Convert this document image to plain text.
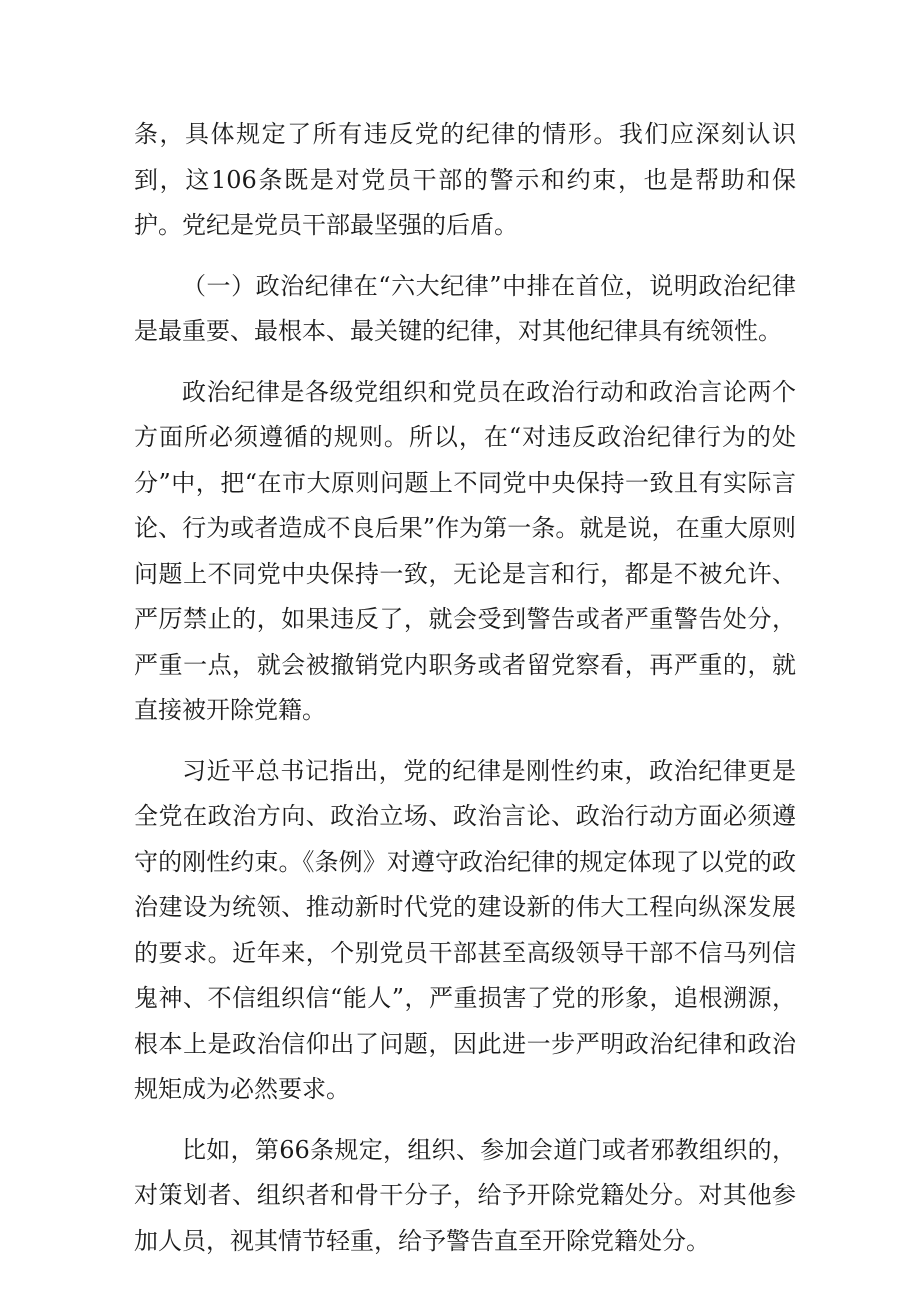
条，具体规定了所有违反党的纪律的情形。我们应深刻认识到，这106条既是对党员干部的警示和约束，也是帮助和保护。党纪是党员干部最坚强的后盾。

（一）政治纪律在“六大纪律”中排在首位，说明政治纪律是最重要、最根本、最关键的纪律，对其他纪律具有统领性。

政治纪律是各级党组织和党员在政治行动和政治言论两个方面所必须遵循的规则。所以，在“对违反政治纪律行为的处分”中，把“在市大原则问题上不同党中央保持一致且有实际言论、行为或者造成不良后果”作为第一条。就是说，在重大原则问题上不同党中央保持一致，无论是言和行，都是不被允许、严厉禁止的，如果违反了，就会受到警告或者严重警告处分，严重一点，就会被撤销党内职务或者留党察看，再严重的，就直接被开除党籍。

习近平总书记指出，党的纪律是刚性约束，政治纪律更是全党在政治方向、政治立场、政治言论、政治行动方面必须遵守的刚性约束。《条例》对遵守政治纪律的规定体现了以党的政治建设为统领、推动新时代党的建设新的伟大工程向纵深发展的要求。近年来，个别党员干部甚至高级领导干部不信马列信鬼神、不信组织信“能人”，严重损害了党的形象，追根溯源，根本上是政治信仰出了问题，因此进一步严明政治纪律和政治规矩成为必然要求。

比如，第66条规定，组织、参加会道门或者邪教组织的，对策划者、组织者和骨干分子，给予开除党籍处分。对其他参加人员，视其情节轻重，给予警告直至开除党籍处分。
